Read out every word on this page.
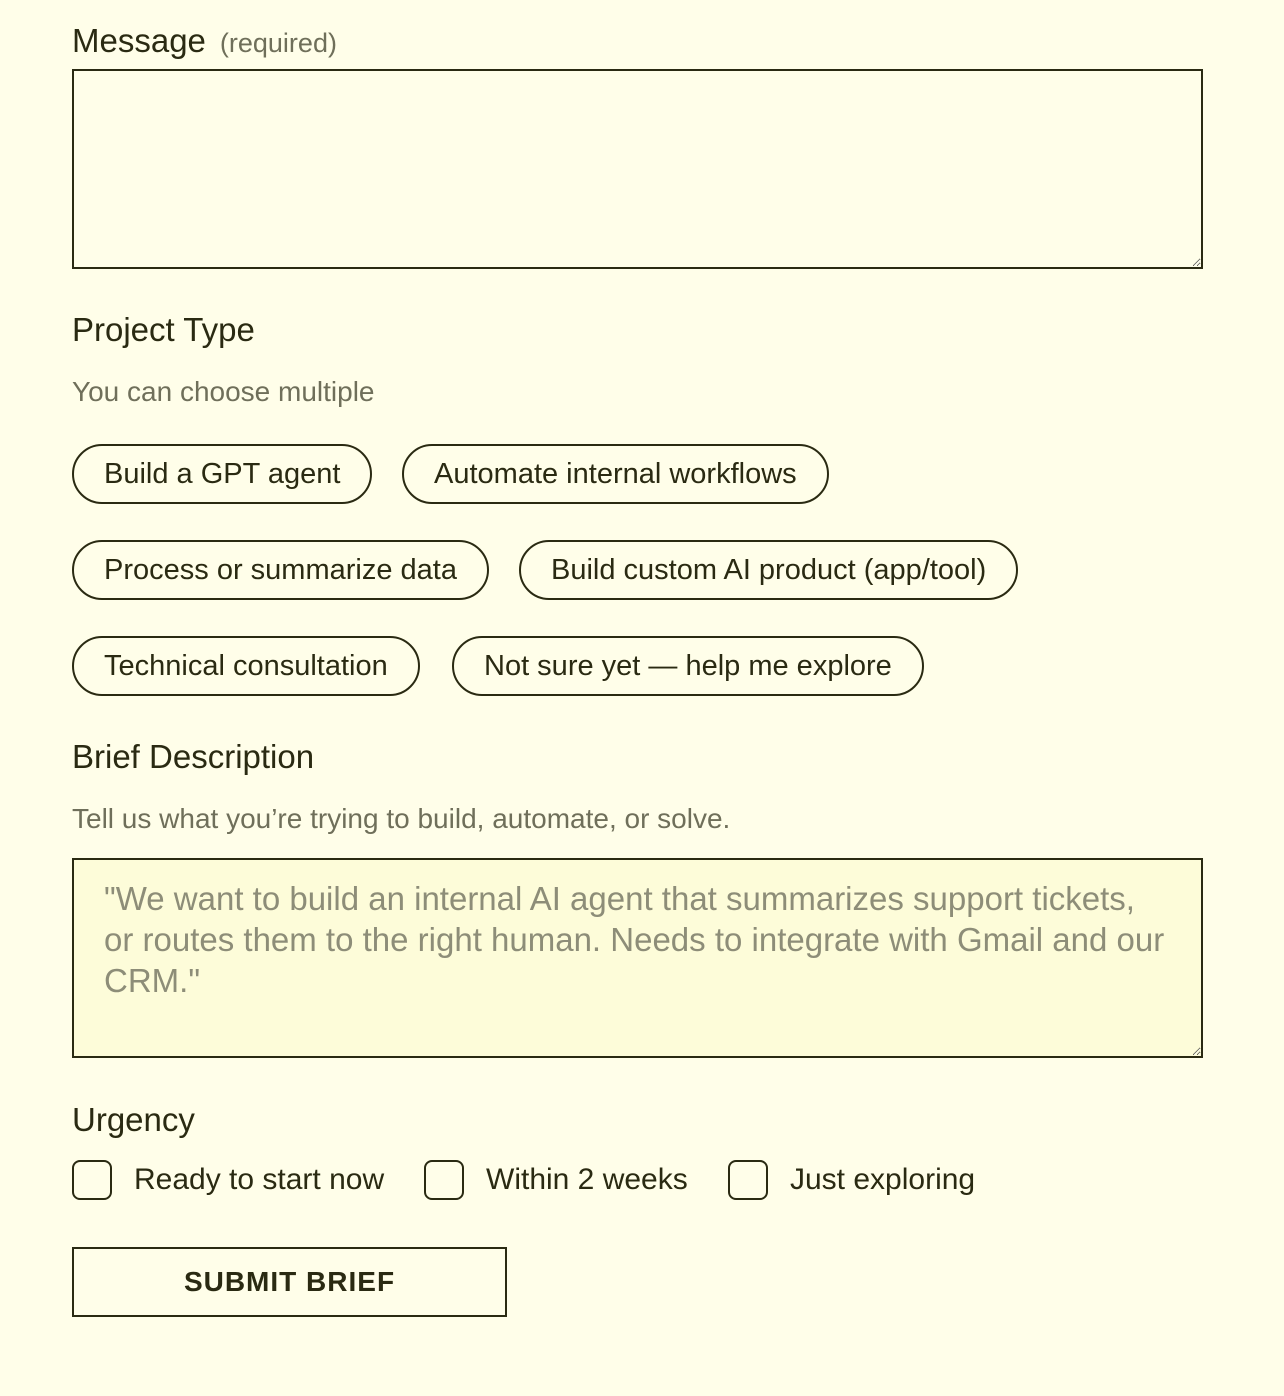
Message (required)
Project Type
You can choose multiple
Build a GPT agent	Automate internal workflows
Process or summarize data	Build custom AI product (app/tool)
Technical consultation	Not sure yet — help me explore
Brief Description
Tell us what you’re trying to build, automate, or solve.
"We want to build an internal AI agent that summarizes support tickets, or routes them to the right human. Needs to integrate with Gmail and our CRM."
Urgency
Ready to start now	Within 2 weeks	Just exploring
SUBMIT BRIEF
